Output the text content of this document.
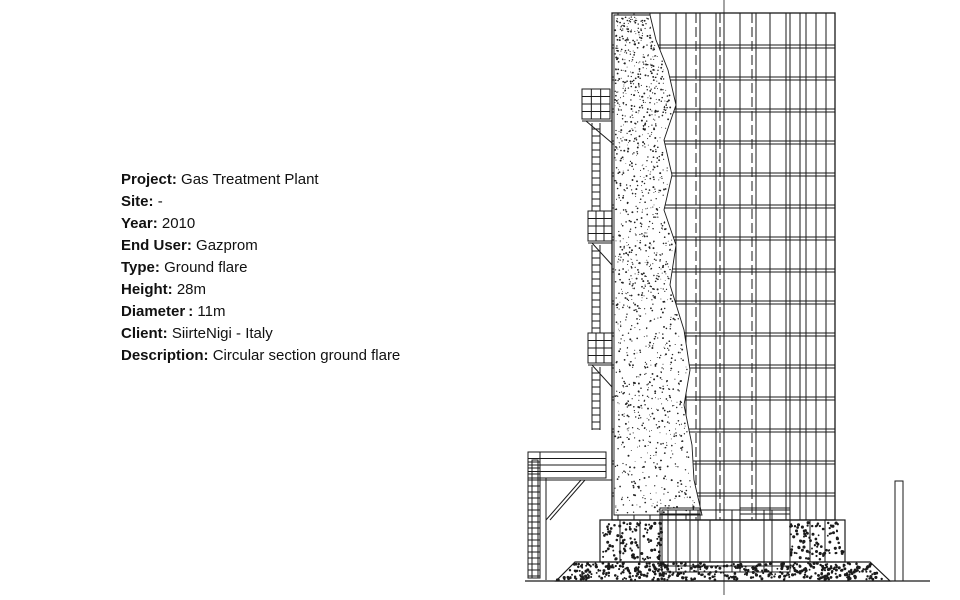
Project: Gas Treatment Plant
Site: -
Year: 2010
End User: Gazprom
Type: Ground flare
Height: 28m
Diameter : 11m
Client: SiirteNigi - Italy
Description: Circular section ground flare
